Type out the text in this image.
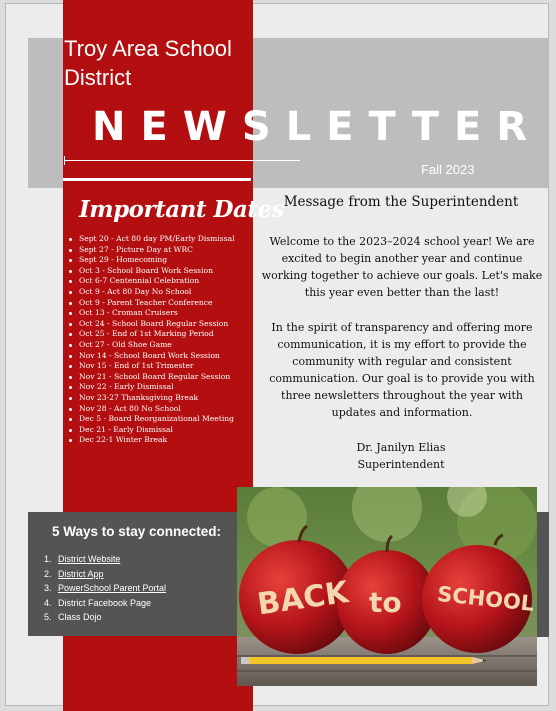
Troy Area School District
NEWSLETTER
Fall 2023
Important Dates
Sept 20 - Act 80 day PM/Early Dismissal
Sept 27 - Picture Day at WRC
Sept 29 - Homecoming
Oct 3 - School Board Work Session
Oct 6-7 Centennial Celebration
Oct 9 - Act 80 Day No School
Oct 9 - Parent Teacher Conference
Oct 13 - Croman Cruisers
Oct 24 - School Board Regular Session
Oct 25 - End of 1st Marking Period
Oct 27 - Old Shoe Game
Nov 14 - School Board Work Session
Nov 15 - End of 1st Trimester
Nov 21 - School Board Regular Session
Nov 22 - Early Dismissal
Nov 23-27 Thanksgiving Break
Nov 28 - Act 80 No School
Dec 5 - Board Reorganizational Meeting
Dec 21 - Early Dismissal
Dec 22-1 Winter Break
Message from the Superintendent

Welcome to the 2023–2024 school year! We are excited to begin another year and continue working together to achieve our goals. Let's make this year even better than the last!

In the spirit of transparency and offering more communication, it is my effort to provide the community with regular and consistent communication. Our goal is to provide you with three newsletters throughout the year with updates and information.

Dr. Janilyn Elias
Superintendent
5 Ways to stay connected:
1. District Website
2. District App
3. PowerSchool Parent Portal
4. District Facebook Page
5. Class Dojo	BACK to SCHOOL
